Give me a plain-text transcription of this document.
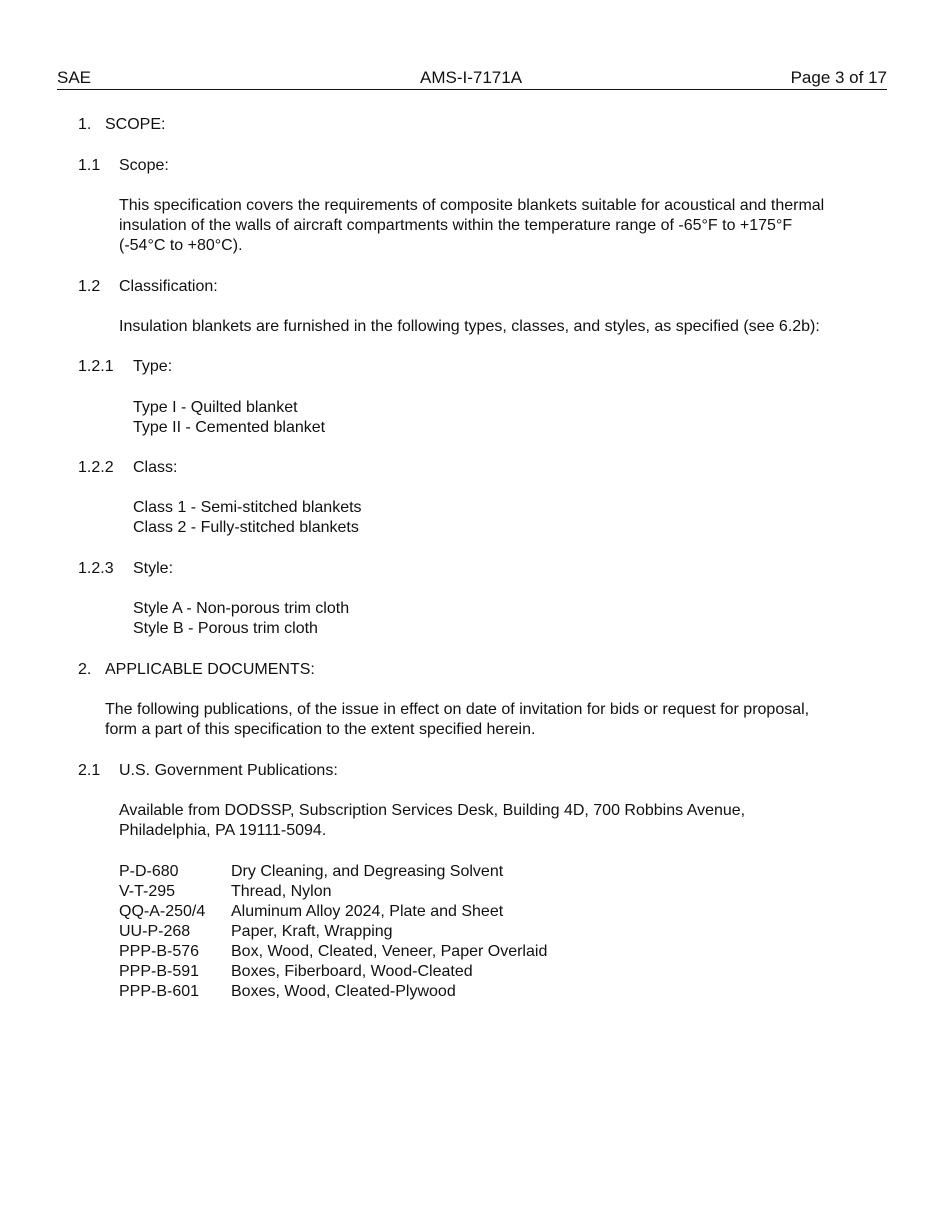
SAE	AMS-I-7171A	Page 3 of 17
1. SCOPE:
1.1 Scope:
This specification covers the requirements of composite blankets suitable for acoustical and thermal
insulation of the walls of aircraft compartments within the temperature range of -65°F to +175°F
(-54°C to +80°C).
1.2 Classification:
Insulation blankets are furnished in the following types, classes, and styles, as specified (see 6.2b):
1.2.1 Type:
Type I - Quilted blanket
Type II - Cemented blanket
1.2.2 Class:
Class 1 - Semi-stitched blankets
Class 2 - Fully-stitched blankets
1.2.3 Style:
Style A - Non-porous trim cloth
Style B - Porous trim cloth
2. APPLICABLE DOCUMENTS:
The following publications, of the issue in effect on date of invitation for bids or request for proposal,
form a part of this specification to the extent specified herein.
2.1 U.S. Government Publications:
Available from DODSSP, Subscription Services Desk, Building 4D, 700 Robbins Avenue,
Philadelphia, PA 19111-5094.
P-D-680	Dry Cleaning, and Degreasing Solvent
V-T-295	Thread, Nylon
QQ-A-250/4 Aluminum Alloy 2024, Plate and Sheet
UU-P-268	Paper, Kraft, Wrapping
PPP-B-576 Box, Wood, Cleated, Veneer, Paper Overlaid
PPP-B-591 Boxes, Fiberboard, Wood-Cleated
PPP-B-601 Boxes, Wood, Cleated-Plywood
